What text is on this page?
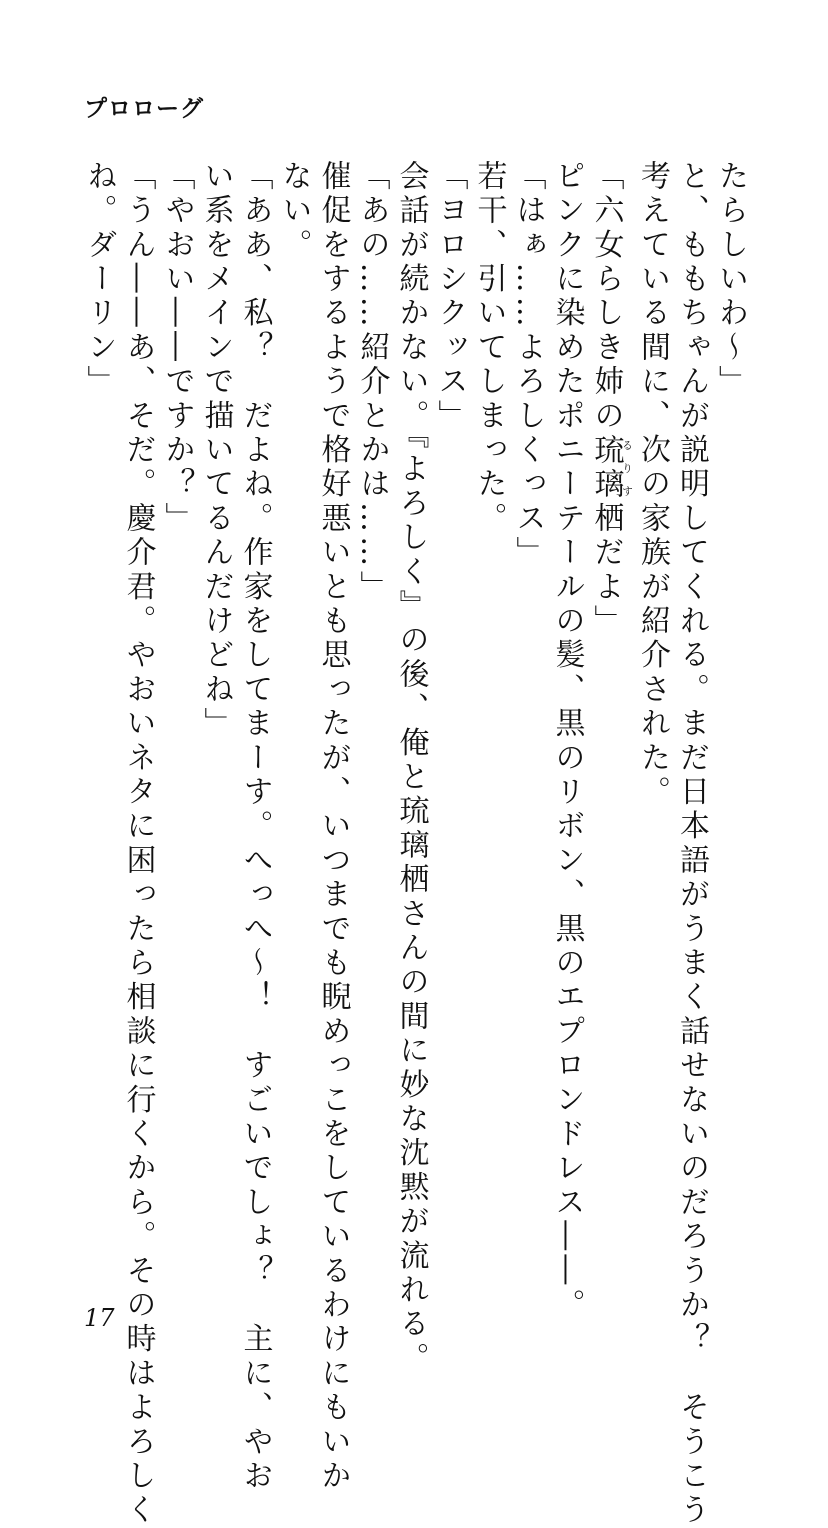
プロローグ
たらしいわ〜」
と、ももちゃんが説明してくれる。まだ日本語がうまく話せないのだろうか？　そうこう
考えている間に、次の家族が紹介された。
「六女らしき姉の琉璃るりす栖だよ」
ピンクに染めたポニーテールの髪、黒のリボン、黒のエプロンドレス――。
「はぁ……よろしくっス」
若干、引いてしまった。
「ヨロシクッス」
会話が続かない。『よろしく』の後、俺と琉璃栖さんの間に妙な沈黙が流れる。
「あの……紹介とかは……」
催促をするようで格好悪いとも思ったが、いつまでも睨めっこをしているわけにもいか
ない。
「ああ、私？　だよね。作家をしてまーす。へっへ〜！　すごいでしょ？　主に、やお
い系をメインで描いてるんだけどね」
「やおい――ですか？」
「うん――あ、そだ。慶介君。やおいネタに困ったら相談に行くから。その時はよろしく
ね。ダーリン」
17
